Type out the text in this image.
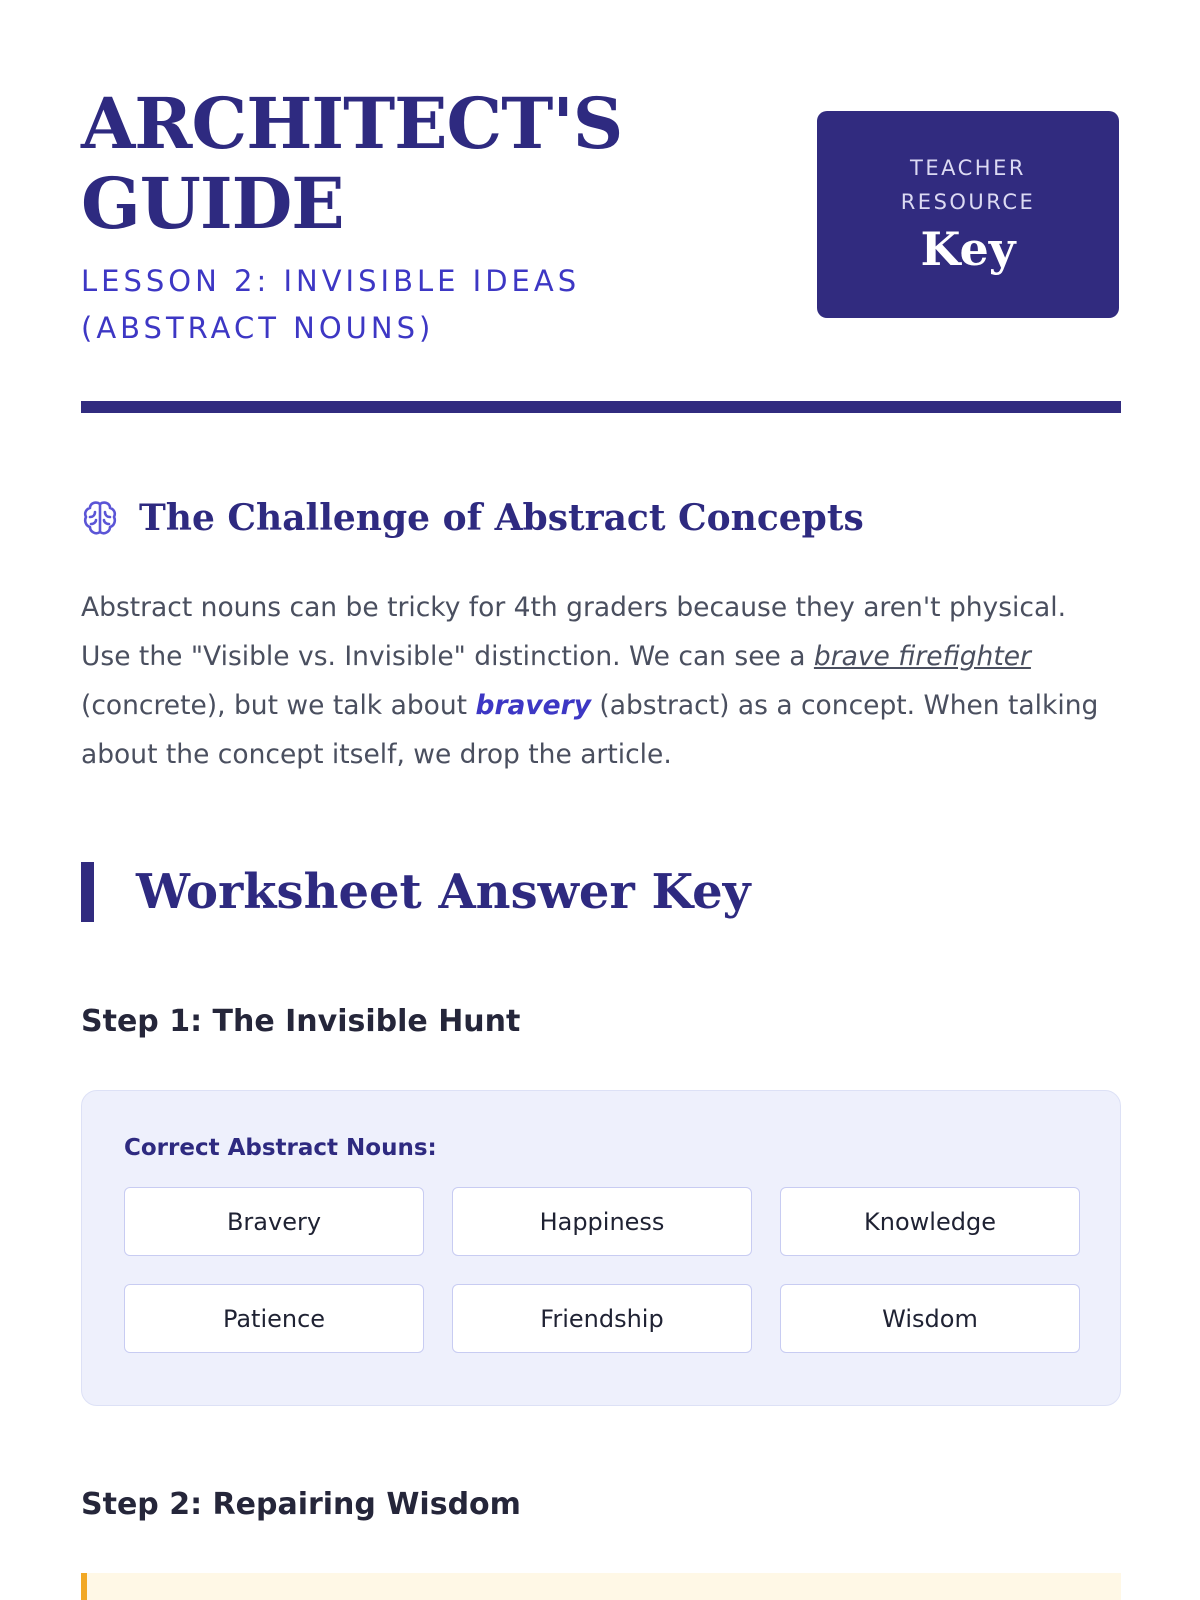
ARCHITECT'S GUIDE
LESSON 2: INVISIBLE IDEAS (ABSTRACT NOUNS)
TEACHER RESOURCE
Key
The Challenge of Abstract Concepts

Abstract nouns can be tricky for 4th graders because they aren't physical. Use the "Visible vs. Invisible" distinction. We can see a brave firefighter (concrete), but we talk about bravery (abstract) as a concept. When talking about the concept itself, we drop the article.

Worksheet Answer Key
Step 1: The Invisible Hunt
Correct Abstract Nouns:
Bravery	Happiness	Knowledge
Patience	Friendship	Wisdom
Step 2: Repairing Wisdom
